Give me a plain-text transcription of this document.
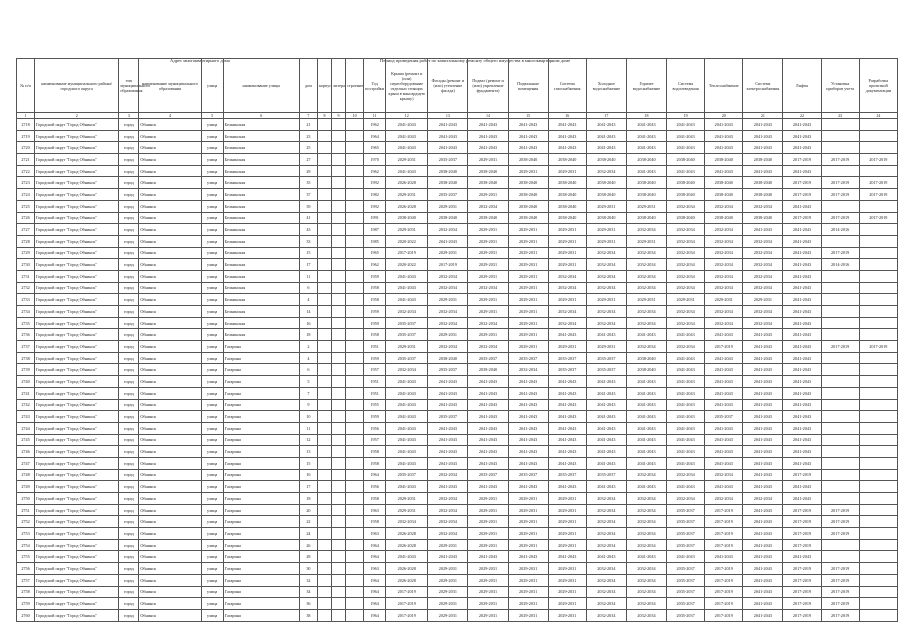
Адрес многоквартирного дома	Период проведения работ по капитальному ремонту общего имущества в многоквартирном доме
№ п/п	наименование муниципального района/городского округа	тип муниципального образования	наименование муниципального образования	улица	наименование улицы	дом	корпус	литера	строение	Год постройки	Крыша (ремонт и (или) переоборудование отдельно стоящих крыш в мансардную крышу)	Фасады (ремонт и (или) утепление фасада)	Подвал (ремонт и (или) укрепление фундамента)	Подвальные помещения	Система газоснабжения	Холодное водоснабжение	Горячее водоснабжение	Система водоотведения	Теплоснабжение	Система электроснабжения	Лифты	Установка приборов учета	Разработка проектной документации
1	2	3	4	5	6	7	8	9	10	11	12	13	14	15	16	17	18	19	20	21	22	23	24
2718	Городской округ "Город Обнинск"	город	Обнинск	улица	Белкинская	21				1962	2041-2043	2041-2043	2041-2043	2041-2043	2041-2043	2041-2043	2041-2043	2041-2043	2041-2043	2041-2043	2041-2043		
2719	Городской округ "Город Обнинск"	город	Обнинск	улица	Белкинская	23				1964	2041-2043	2041-2043	2041-2043	2041-2043	2041-2043	2041-2043	2041-2043	2041-2043	2041-2043	2041-2043	2041-2043		
2720	Городской округ "Город Обнинск"	город	Обнинск	улица	Белкинская	25				1965	2041-2043	2041-2043	2041-2043	2041-2043	2041-2043	2041-2043	2041-2043	2041-2043	2041-2043	2041-2043	2041-2043		
2721	Городской округ "Город Обнинск"	город	Обнинск	улица	Белкинская	27				1970	2029-2031	2035-2037	2029-2031	2038-2040	2038-2040	2038-2040	2038-2040	2038-2040	2038-2040	2038-2040	2017-2019	2017-2019	2017-2019
2722	Городской округ "Город Обнинск"	город	Обнинск	улица	Белкинская	29				1962	2041-2043	2038-2040	2038-2040	2029-2031	2029-2031	2032-2034	2041-2043	2041-2043	2041-2043	2041-2043	2041-2043		
2723	Городской округ "Город Обнинск"	город	Обнинск	улица	Белкинская	35				1992	2026-2028	2038-2040	2038-2040	2038-2040	2038-2040	2038-2040	2038-2040	2038-2040	2038-2040	2038-2040	2017-2019	2017-2019	2017-2019
2724	Городской округ "Город Обнинск"	город	Обнинск	улица	Белкинская	37				1982	2029-2031	2035-2037	2029-2031	2038-2040	2038-2040	2038-2040	2038-2040	2038-2040	2038-2040	2038-2040	2017-2019	2017-2019	2017-2019
2725	Городской округ "Город Обнинск"	город	Обнинск	улица	Белкинская	39				1992	2026-2028	2029-2031	2032-2034	2038-2040	2038-2040	2029-2031	2029-2031	2032-2034	2032-2034	2032-2034	2041-2043		
2726	Городской округ "Город Обнинск"	город	Обнинск	улица	Белкинская	41				1991	2038-2040	2038-2040	2038-2040	2038-2040	2038-2040	2038-2040	2038-2040	2038-2040	2038-2040	2038-2040	2017-2019	2017-2019	2017-2019
2727	Городской округ "Город Обнинск"	город	Обнинск	улица	Белкинская	43				1987	2029-2031	2032-2034	2029-2031	2029-2031	2029-2031	2029-2031	2032-2034	2032-2034	2032-2034	2041-2043	2041-2043	2014-2016	
2728	Городской округ "Город Обнинск"	город	Обнинск	улица	Белкинская	33				1985	2020-2022	2041-2043	2029-2031	2029-2031	2029-2031	2029-2031	2029-2031	2032-2034	2032-2034	2032-2034	2041-2043		
2729	Городской округ "Город Обнинск"	город	Обнинск	улица	Белкинская	15				1965	2017-2019	2029-2031	2029-2031	2029-2031	2029-2031	2032-2034	2032-2034	2032-2034	2032-2034	2032-2034	2041-2043	2017-2019	
2730	Городской округ "Город Обнинск"	город	Обнинск	улица	Белкинская	17				1962	2020-2022	2017-2019	2029-2031	2029-2031	2029-2031	2032-2034	2032-2034	2032-2034	2032-2034	2032-2034	2041-2043	2014-2016	
2731	Городской округ "Город Обнинск"	город	Обнинск	улица	Белкинская	11				1959	2041-2043	2032-2034	2029-2031	2029-2031	2032-2034	2032-2034	2032-2034	2032-2034	2032-2034	2032-2034	2041-2043		
2732	Городской округ "Город Обнинск"	город	Обнинск	улица	Белкинская	6				1958	2041-2043	2032-2034	2032-2034	2029-2031	2032-2034	2032-2034	2032-2034	2032-2034	2032-2034	2032-2034	2041-2043		
2733	Городской округ "Город Обнинск"	город	Обнинск	улица	Белкинская	4				1958	2041-2043	2029-2031	2029-2031	2029-2031	2029-2031	2029-2031	2029-2031	2029-2031	2029-2031	2029-2031	2041-2043		
2734	Городской округ "Город Обнинск"	город	Обнинск	улица	Белкинская	14				1959	2032-2034	2032-2034	2029-2031	2029-2031	2032-2034	2032-2034	2032-2034	2032-2034	2032-2034	2032-2034	2041-2043		
2735	Городской округ "Город Обнинск"	город	Обнинск	улица	Белкинская	16				1959	2035-2037	2032-2034	2032-2034	2029-2031	2032-2034	2032-2034	2032-2034	2032-2034	2032-2034	2032-2034	2041-2043		
2736	Городской округ "Город Обнинск"	город	Обнинск	улица	Белкинская	18				1958	2035-2037	2029-2031	2029-2031	2029-2031	2041-2043	2041-2043	2041-2043	2041-2043	2041-2043	2041-2043	2041-2043		
2737	Городской округ "Город Обнинск"	город	Обнинск	улица	Гагарина	2				1951	2029-2031	2032-2034	2032-2034	2029-2031	2029-2031	2029-2031	2032-2034	2032-2034	2017-2019	2041-2043	2041-2043	2017-2019	2017-2019
2738	Городской округ "Город Обнинск"	город	Обнинск	улица	Гагарина	4				1959	2035-2037	2038-2040	2035-2037	2035-2037	2035-2037	2035-2037	2038-2040	2041-2043	2041-2043	2041-2043	2041-2043		
2739	Городской округ "Город Обнинск"	город	Обнинск	улица	Гагарина	6				1957	2032-2034	2035-2037	2038-2040	2032-2034	2035-2037	2035-2037	2038-2040	2041-2043	2041-2043	2041-2043	2041-2043		
2740	Городской округ "Город Обнинск"	город	Обнинск	улица	Гагарина	5				1951	2041-2043	2041-2043	2041-2043	2041-2043	2041-2043	2041-2043	2041-2043	2041-2043	2041-2043	2041-2043	2041-2043		
2741	Городской округ "Город Обнинск"	город	Обнинск	улица	Гагарина	7				1951	2041-2043	2041-2043	2041-2043	2041-2043	2041-2043	2041-2043	2041-2043	2041-2043	2041-2043	2041-2043	2041-2043		
2742	Городской округ "Город Обнинск"	город	Обнинск	улица	Гагарина	9				1955	2041-2043	2041-2043	2041-2043	2041-2043	2041-2043	2041-2043	2041-2043	2041-2043	2041-2043	2041-2043	2041-2043		
2743	Городской округ "Город Обнинск"	город	Обнинск	улица	Гагарина	10				1959	2041-2043	2035-2037	2041-2043	2041-2043	2041-2043	2041-2043	2041-2043	2041-2043	2035-2037	2041-2043	2041-2043		
2744	Городской округ "Город Обнинск"	город	Обнинск	улица	Гагарина	11				1956	2041-2043	2041-2043	2041-2043	2041-2043	2041-2043	2041-2043	2041-2043	2041-2043	2041-2043	2041-2043	2041-2043		
2745	Городской округ "Город Обнинск"	город	Обнинск	улица	Гагарина	12				1957	2041-2043	2041-2043	2041-2043	2041-2043	2041-2043	2041-2043	2041-2043	2041-2043	2041-2043	2041-2043	2041-2043		
2746	Городской округ "Город Обнинск"	город	Обнинск	улица	Гагарина	13				1958	2041-2043	2041-2043	2041-2043	2041-2043	2041-2043	2041-2043	2041-2043	2041-2043	2041-2043	2041-2043	2041-2043		
2747	Городской округ "Город Обнинск"	город	Обнинск	улица	Гагарина	15				1958	2041-2043	2041-2043	2041-2043	2041-2043	2041-2043	2041-2043	2041-2043	2041-2043	2041-2043	2041-2043	2041-2043		
2748	Городской округ "Город Обнинск"	город	Обнинск	улица	Гагарина	16				1964	2035-2037	2032-2034	2035-2037	2035-2037	2035-2037	2035-2037	2032-2034	2032-2034	2032-2034	2041-2043	2017-2019		
2749	Городской округ "Город Обнинск"	город	Обнинск	улица	Гагарина	17				1956	2041-2043	2041-2043	2041-2043	2041-2043	2041-2043	2041-2043	2041-2043	2041-2043	2041-2043	2041-2043	2041-2043		
2750	Городской округ "Город Обнинск"	город	Обнинск	улица	Гагарина	18				1958	2029-2031	2032-2034	2029-2031	2029-2031	2029-2031	2032-2034	2032-2034	2032-2034	2032-2034	2032-2034	2041-2043		
2751	Городской округ "Город Обнинск"	город	Обнинск	улица	Гагарина	20				1963	2029-2031	2032-2034	2029-2031	2029-2031	2029-2031	2032-2034	2032-2034	2035-2037	2017-2019	2041-2043	2017-2019	2017-2019	
2752	Городской округ "Город Обнинск"	город	Обнинск	улица	Гагарина	22				1958	2032-2034	2032-2034	2029-2031	2029-2031	2029-2031	2032-2034	2032-2034	2035-2037	2017-2019	2041-2043	2017-2019	2017-2019	
2753	Городской округ "Город Обнинск"	город	Обнинск	улица	Гагарина	24				1963	2026-2028	2032-2034	2029-2031	2029-2031	2029-2031	2032-2034	2032-2034	2035-2037	2017-2019	2041-2043	2017-2019	2017-2019	
2754	Городской округ "Город Обнинск"	город	Обнинск	улица	Гагарина	26				1964	2026-2028	2029-2031	2029-2031	2029-2031	2029-2031	2032-2034	2032-2034	2035-2037	2017-2019	2041-2043	2017-2019		
2755	Городской округ "Город Обнинск"	город	Обнинск	улица	Гагарина	28				1964	2041-2043	2041-2043	2041-2043	2041-2043	2041-2043	2041-2043	2041-2043	2041-2043	2041-2043	2041-2043	2041-2043		
2756	Городской округ "Город Обнинск"	город	Обнинск	улица	Гагарина	30				1963	2026-2028	2029-2031	2029-2031	2029-2031	2029-2031	2032-2034	2032-2034	2035-2037	2017-2019	2041-2043	2017-2019	2017-2019	
2757	Городской округ "Город Обнинск"	город	Обнинск	улица	Гагарина	32				1964	2026-2028	2029-2031	2029-2031	2029-2031	2029-2031	2032-2034	2032-2034	2035-2037	2017-2019	2041-2043	2017-2019	2017-2019	
2758	Городской округ "Город Обнинск"	город	Обнинск	улица	Гагарина	34				1964	2017-2019	2029-2031	2029-2031	2029-2031	2029-2031	2032-2034	2032-2034	2035-2037	2017-2019	2041-2043	2017-2019	2017-2019	
2759	Городской округ "Город Обнинск"	город	Обнинск	улица	Гагарина	36				1964	2017-2019	2029-2031	2029-2031	2029-2031	2029-2031	2032-2034	2032-2034	2035-2037	2017-2019	2041-2043	2017-2019	2017-2019	
2760	Городской округ "Город Обнинск"	город	Обнинск	улица	Гагарина	38				1964	2017-2019	2029-2031	2029-2031	2029-2031	2029-2031	2032-2034	2032-2034	2035-2037	2017-2019	2041-2043	2017-2019	2017-2019	
